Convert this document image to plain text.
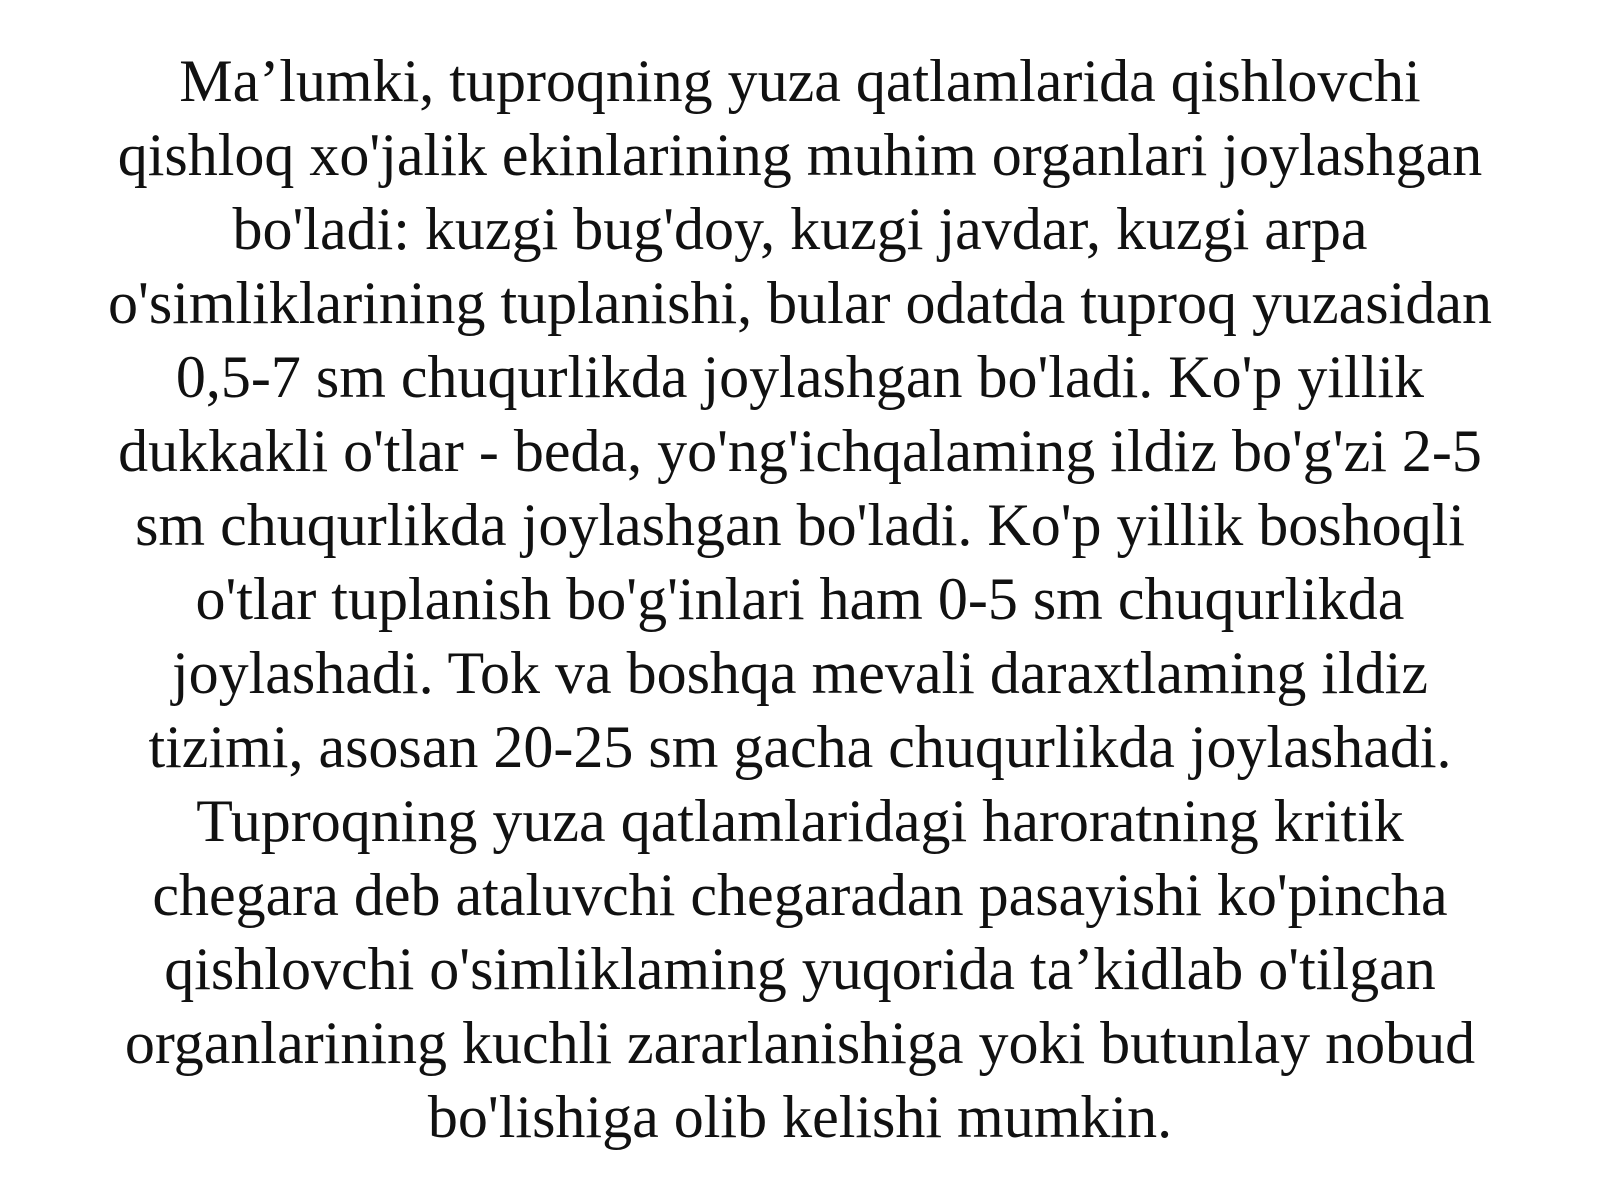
Ma’lumki, tuproqning yuza qatlamlarida qishlovchi
qishloq xo'jalik ekinlarining muhim organlari joylashgan
bo'ladi: kuzgi bug'doy, kuzgi javdar, kuzgi arpa
o'simliklarining tuplanishi, bular odatda tuproq yuzasidan
0,5-7 sm chuqurlikda joylashgan bo'ladi. Ko'p yillik
dukkakli o'tlar - beda, yo'ng'ichqalaming ildiz bo'g'zi 2-5
sm chuqurlikda joylashgan bo'ladi. Ko'p yillik boshoqli
o'tlar tuplanish bo'g'inlari ham 0-5 sm chuqurlikda
joylashadi. Tok va boshqa mevali daraxtlaming ildiz
tizimi, asosan 20-25 sm gacha chuqurlikda joylashadi.
Tuproqning yuza qatlamlaridagi haroratning kritik
chegara deb ataluvchi chegaradan pasayishi ko'pincha
qishlovchi o'simliklaming yuqorida ta’kidlab o'tilgan
organlarining kuchli zararlanishiga yoki butunlay nobud
bo'lishiga olib kelishi mumkin.
